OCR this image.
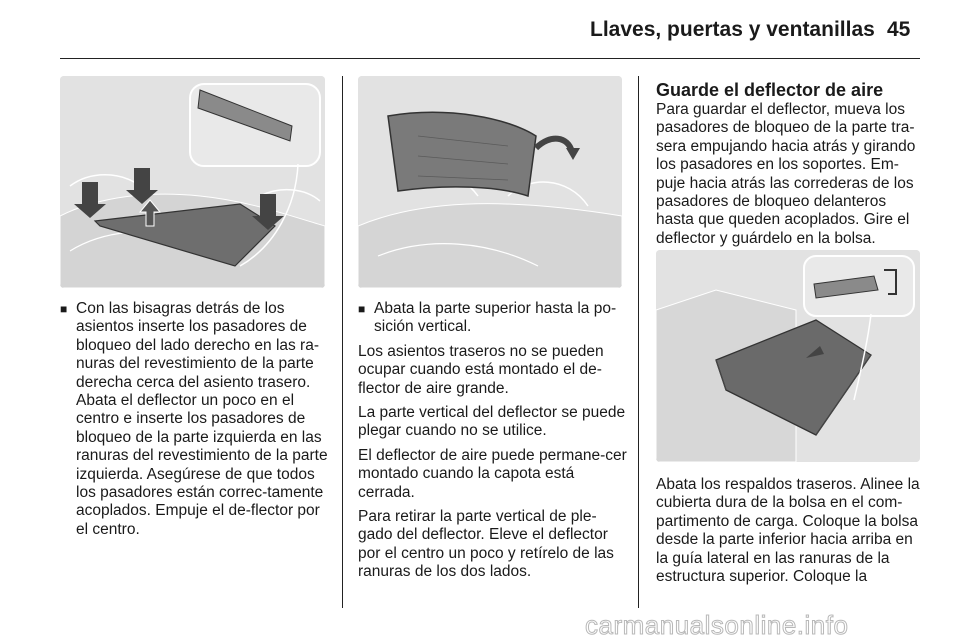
Llaves, puertas y ventanillas 45

■ Con las bisagras detrás de los asientos inserte los pasadores de bloqueo del lado derecho en las ra-nuras del revestimiento de la parte derecha cerca del asiento trasero. Abata el deflector un poco en el centro e inserte los pasadores de bloqueo de la parte izquierda en las ranuras del revestimiento de la parte izquierda. Asegúrese de que todos los pasadores están correc-tamente acoplados. Empuje el de-flector por el centro.

■ Abata la parte superior hasta la po-sición vertical.

Los asientos traseros no se pueden ocupar cuando está montado el de-flector de aire grande.

La parte vertical del deflector se puede plegar cuando no se utilice.

El deflector de aire puede permane-cer montado cuando la capota está cerrada.

Para retirar la parte vertical de ple-gado del deflector. Eleve el deflector por el centro un poco y retírelo de las ranuras de los dos lados.

Guarde el deflector de aire

Para guardar el deflector, mueva los pasadores de bloqueo de la parte tra-sera empujando hacia atrás y girando los pasadores en los soportes. Em-puje hacia atrás las correderas de los pasadores de bloqueo delanteros hasta que queden acoplados. Gire el deflector y guárdelo en la bolsa.

Abata los respaldos traseros. Alinee la cubierta dura de la bolsa en el com-partimento de carga. Coloque la bolsa desde la parte inferior hacia arriba en la guía lateral en las ranuras de la estructura superior. Coloque la

carmanualsonline.info
